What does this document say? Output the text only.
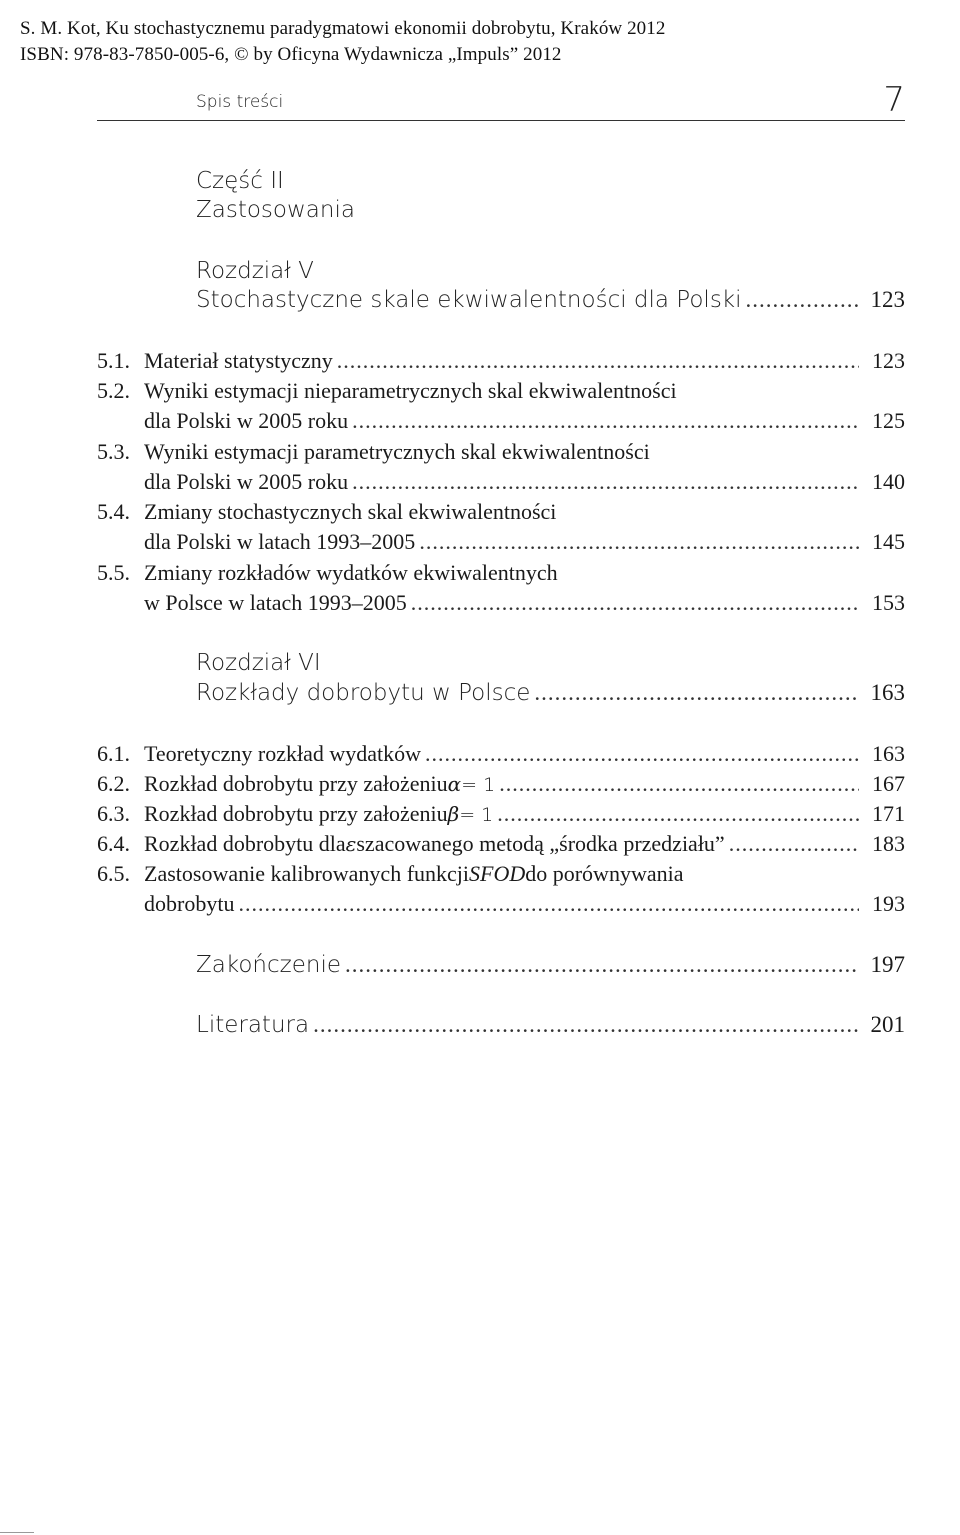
S. M. Kot, Ku stochastycznemu paradygmatowi ekonomii dobrobytu, Kraków 2012
ISBN: 978-83-7850-005-6, © by Oficyna Wydawnicza „Impuls” 2012
Spis treści	7
Część II
Zastosowania
Rozdział V
Stochastyczne skale ekwiwalentności dla Polski .....	123
5.1. Materiał statystyczny .....	123
5.2. Wyniki estymacji nieparametrycznych skal ekwiwalentności
dla Polski w 2005 roku .....	125
5.3. Wyniki estymacji parametrycznych skal ekwiwalentności
dla Polski w 2005 roku .....	140
5.4. Zmiany stochastycznych skal ekwiwalentności
dla Polski w latach 1993–2005 .....	145
5.5. Zmiany rozkładów wydatków ekwiwalentnych
w Polsce w latach 1993–2005 .....	153
Rozdział VI
Rozkłady dobrobytu w Polsce .....	163
6.1. Teoretyczny rozkład wydatków .....	163
6.2. Rozkład dobrobytu przy założeniu α = 1 .....	167
6.3. Rozkład dobrobytu przy założeniu β = 1 .....	171
6.4. Rozkład dobrobytu dla ε szacowanego metodą „środka przedziału” .....	183
6.5. Zastosowanie kalibrowanych funkcji SFOD do porównywania
dobrobytu .....	193
Zakończenie .....	197
Literatura .....	201
